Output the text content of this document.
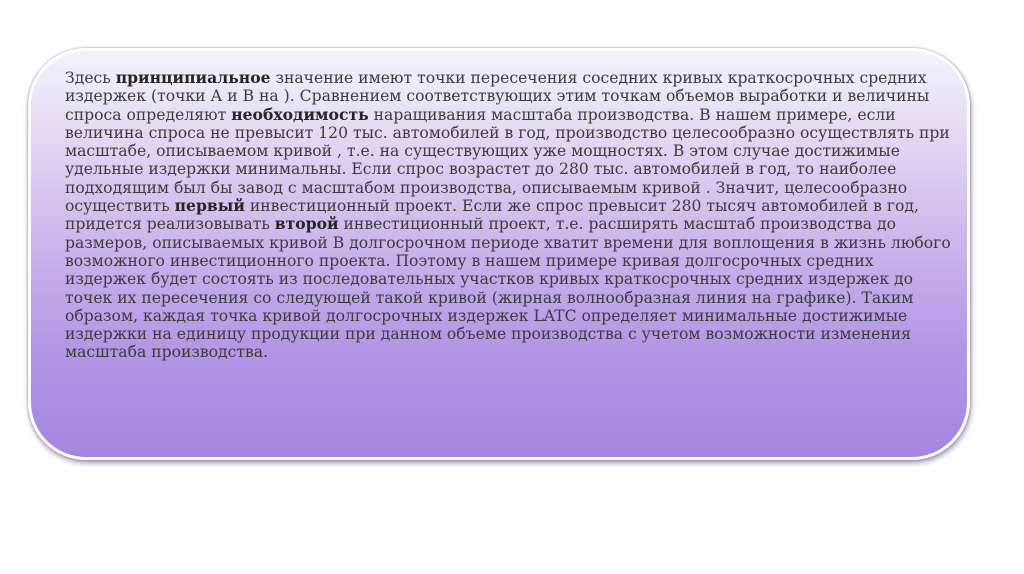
Здесь принципиальное значение имеют точки пересечения соседних кривых краткосрочных средних издержек (точки А и В на ). Сравнением соответствующих этим точкам объемов выработки и величины спроса определяют необходимость наращивания масштаба производства. В нашем примере, если величина спроса не превысит 120 тыс. автомобилей в год, производство целесообразно осуществлять при масштабе, описываемом кривой , т.е. на существующих уже мощностях. В этом случае достижимые удельные издержки минимальны. Если спрос возрастет до 280 тыс. автомобилей в год, то наиболее подходящим был бы завод с масштабом производства, описываемым кривой . Значит, целесообразно осуществить первый инвестиционный проект. Если же спрос превысит 280 тысяч автомобилей в год, придется реализовывать второй инвестиционный проект, т.е. расширять масштаб производства до размеров, описываемых кривой В долгосрочном периоде хватит времени для воплощения в жизнь любого возможного инвестиционного проекта. Поэтому в нашем примере кривая долгосрочных средних издержек будет состоять из последовательных участков кривых краткосрочных средних издержек до точек их пересечения со следующей такой кривой (жирная волнообразная линия на графике). Таким образом, каждая точка кривой долгосрочных издержек LATC определяет минимальные достижимые издержки на единицу продукции при данном объеме производства с учетом возможности изменения масштаба производства.
